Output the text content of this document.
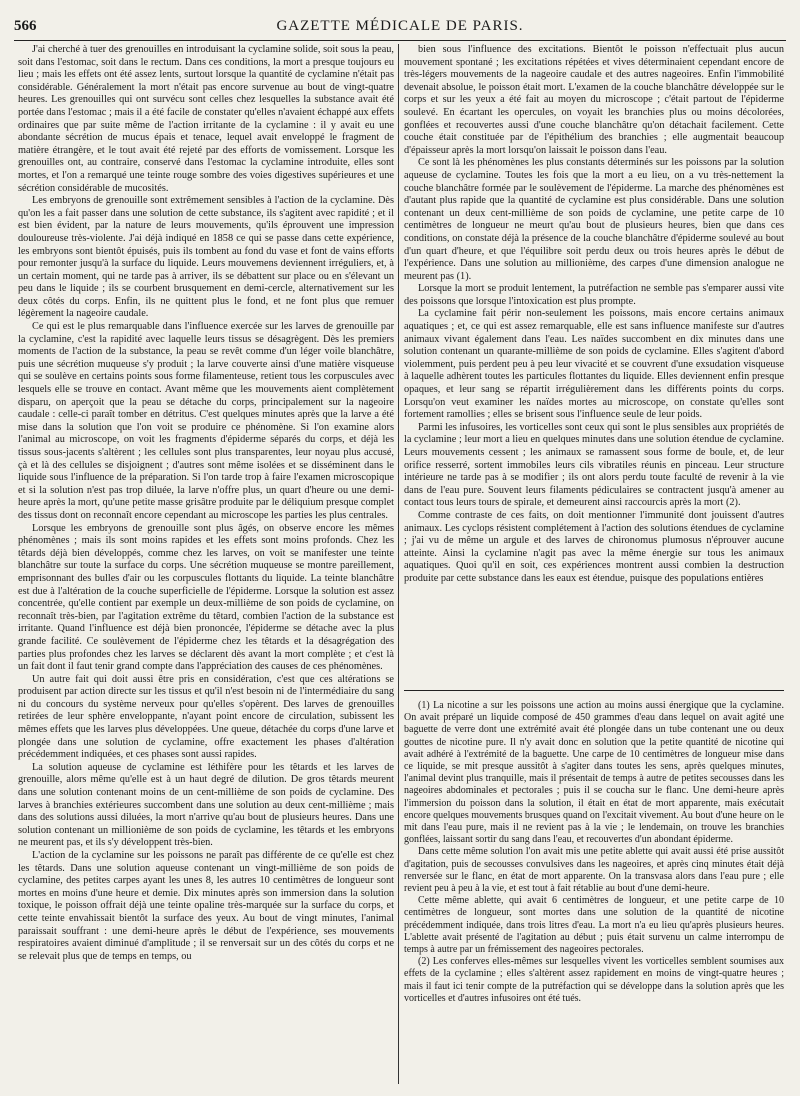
566	GAZETTE MÉDICALE DE PARIS.

J'ai cherché à tuer des grenouilles en introduisant la cyclamine solide, soit sous la peau, soit dans l'estomac, soit dans le rectum. Dans ces conditions, la mort a presque toujours eu lieu ; mais les effets ont été assez lents, surtout lorsque la quantité de cyclamine n'était pas considérable. Généralement la mort n'était pas encore survenue au bout de vingt-quatre heures. Les grenouilles qui ont survécu sont celles chez lesquelles la substance avait été portée dans l'estomac ; mais il a été facile de constater qu'elles n'avaient échappé aux effets ordinaires que par suite même de l'action irritante de la cyclamine : il y avait eu une abondante sécrétion de mucus épais et tenace, lequel avait enveloppé le fragment de matière étrangère, et le tout avait été rejeté par des efforts de vomissement. Lorsque les grenouilles ont, au contraire, conservé dans l'estomac la cyclamine introduite, elles sont mortes, et l'on a remarqué une teinte rouge sombre des voies digestives supérieures et une sécrétion considérable de mucosités.

Les embryons de grenouille sont extrêmement sensibles à l'action de la cyclamine. Dès qu'on les a fait passer dans une solution de cette substance, ils s'agitent avec rapidité ; et il est bien évident, par la nature de leurs mouvements, qu'ils éprouvent une impression douloureuse très-violente. J'ai déjà indiqué en 1858 ce qui se passe dans cette expérience, les embryons sont bientôt épuisés, puis ils tombent au fond du vase et font de vains efforts pour remonter jusqu'à la surface du liquide. Leurs mouvemens deviennent irréguliers, et, à un certain moment, qui ne tarde pas à arriver, ils se débattent sur place ou en s'élevant un peu dans le liquide ; ils se courbent brusquement en demi-cercle, alternativement sur les deux côtés du corps. Enfin, ils ne quittent plus le fond, et ne font plus que remuer légèrement la nageoire caudale.

Ce qui est le plus remarquable dans l'influence exercée sur les larves de grenouille par la cyclamine, c'est la rapidité avec laquelle leurs tissus se désagrègent. Dès les premiers moments de l'action de la substance, la peau se revêt comme d'un léger voile blanchâtre, puis une sécrétion muqueuse s'y produit ; la larve couverte ainsi d'une matière visqueuse qui se soulève en certains points sous forme filamenteuse, retient tous les corpuscules avec lesquels elle se trouve en contact. Avant même que les mouvements aient complètement disparu, on aperçoit que la peau se détache du corps, principalement sur la nageoire caudale : celle-ci paraît tomber en détritus. C'est quelques minutes après que la larve a été mise dans la solution que l'on voit se produire ce phénomène. Si l'on examine alors l'animal au microscope, on voit les fragments d'épiderme séparés du corps, et déjà les tissus sous-jacents s'altèrent ; les cellules sont plus transparentes, leur noyau plus accusé, çà et là des cellules se disjoignent ; d'autres sont même isolées et se disséminent dans le liquide sous l'influence de la préparation. Si l'on tarde trop à faire l'examen microscopique et si la solution n'est pas trop diluée, la larve n'offre plus, un quart d'heure ou une demi-heure après la mort, qu'une petite masse grisâtre produite par le déliquium presque complet des tissus dont on reconnaît encore cependant au microscope les parties les plus centrales.

Lorsque les embryons de grenouille sont plus âgés, on observe encore les mêmes phénomènes ; mais ils sont moins rapides et les effets sont moins profonds. Chez les têtards déjà bien développés, comme chez les larves, on voit se manifester une teinte blanchâtre sur toute la surface du corps. Une sécrétion muqueuse se montre pareillement, emprisonnant des bulles d'air ou les corpuscules flottants du liquide. La teinte blanchâtre est due à l'altération de la couche superficielle de l'épiderme. Lorsque la solution est assez concentrée, qu'elle contient par exemple un deux-millième de son poids de cyclamine, on reconnaît très-bien, par l'agitation extrême du têtard, combien l'action de la substance est irritante. Quand l'influence est déjà bien prononcée, l'épiderme se détache avec la plus grande facilité. Ce soulèvement de l'épiderme chez les têtards et la désagrégation des parties plus profondes chez les larves se déclarent dès avant la mort complète ; et c'est là un fait dont il faut tenir grand compte dans l'appréciation des causes de ces phénomènes.

Un autre fait qui doit aussi être pris en considération, c'est que ces altérations se produisent par action directe sur les tissus et qu'il n'est besoin ni de l'intermédiaire du sang ni du concours du système nerveux pour qu'elles s'opèrent. Des larves de grenouilles retirées de leur sphère enveloppante, n'ayant point encore de circulation, subissent les mêmes effets que les larves plus développées. Une queue, détachée du corps d'une larve et plongée dans une solution de cyclamine, offre exactement les phases d'altération précédemment indiquées, et ces phases sont aussi rapides.

La solution aqueuse de cyclamine est léthifère pour les têtards et les larves de grenouille, alors même qu'elle est à un haut degré de dilution. De gros têtards meurent dans une solution contenant moins de un cent-millième de son poids de cyclamine. Des larves à branchies extérieures succombent dans une solution au deux cent-millième ; mais dans des solutions aussi diluées, la mort n'arrive qu'au bout de plusieurs heures. Dans une solution contenant un millionième de son poids de cyclamine, les têtards et les embryons ne meurent pas, et ils s'y développent très-bien.

L'action de la cyclamine sur les poissons ne paraît pas différente de ce qu'elle est chez les têtards. Dans une solution aqueuse contenant un vingt-millième de son poids de cyclamine, des petites carpes ayant les unes 8, les autres 10 centimètres de longueur sont mortes en moins d'une heure et demie. Dix minutes après son immersion dans la solution toxique, le poisson offrait déjà une teinte opaline très-marquée sur la surface du corps, et cette teinte envahissait bientôt la surface des yeux. Au bout de vingt minutes, l'animal paraissait souffrant : une demi-heure après le début de l'expérience, ses mouvements respiratoires avaient diminué d'amplitude ; il se renversait sur un des côtés du corps et ne se relevait plus que de temps en temps, ou

bien sous l'influence des excitations. Bientôt le poisson n'effectuait plus aucun mouvement spontané ; les excitations répétées et vives déterminaient cependant encore de très-légers mouvements de la nageoire caudale et des autres nageoires. Enfin l'immobilité devenait absolue, le poisson était mort. L'examen de la couche blanchâtre développée sur le corps et sur les yeux a été fait au moyen du microscope ; c'était partout de l'épiderme soulevé. En écartant les opercules, on voyait les branchies plus ou moins décolorées, gonflées et recouvertes aussi d'une couche blanchâtre qu'on détachait facilement. Cette couche était constituée par de l'épithélium des branchies ; elle augmentait beaucoup d'épaisseur après la mort lorsqu'on laissait le poisson dans l'eau.

Ce sont là les phénomènes les plus constants déterminés sur les poissons par la solution aqueuse de cyclamine. Toutes les fois que la mort a eu lieu, on a vu très-nettement la couche blanchâtre formée par le soulèvement de l'épiderme. La marche des phénomènes est d'autant plus rapide que la quantité de cyclamine est plus considérable. Dans une solution contenant un deux cent-millième de son poids de cyclamine, une petite carpe de 10 centimètres de longueur ne meurt qu'au bout de plusieurs heures, bien que dans ces conditions, on constate déjà la présence de la couche blanchâtre d'épiderme soulevé au bout d'un quart d'heure, et que l'équilibre soit perdu deux ou trois heures après le début de l'expérience. Dans une solution au millionième, des carpes d'une dimension analogue ne meurent pas (1).

Lorsque la mort se produit lentement, la putréfaction ne semble pas s'emparer aussi vite des poissons que lorsque l'intoxication est plus prompte.

La cyclamine fait périr non-seulement les poissons, mais encore certains animaux aquatiques ; et, ce qui est assez remarquable, elle est sans influence manifeste sur d'autres animaux vivant également dans l'eau. Les naïdes succombent en dix minutes dans une solution contenant un quarante-millième de son poids de cyclamine. Elles s'agitent d'abord violemment, puis perdent peu à peu leur vivacité et se couvrent d'une exsudation visqueuse à laquelle adhèrent toutes les particules flottantes du liquide. Elles deviennent enfin presque opaques, et leur sang se répartit irrégulièrement dans les différents points du corps. Lorsqu'on veut examiner les naïdes mortes au microscope, on constate qu'elles sont fortement ramollies ; elles se brisent sous l'influence seule de leur poids.

Parmi les infusoires, les vorticelles sont ceux qui sont le plus sensibles aux propriétés de la cyclamine ; leur mort a lieu en quelques minutes dans une solution étendue de cyclamine. Leurs mouvements cessent ; les animaux se ramassent sous forme de boule, et, de leur orifice resserré, sortent immobiles leurs cils vibratiles réunis en pinceau. Leur structure intérieure ne tarde pas à se modifier ; ils ont alors perdu toute faculté de revenir à la vie dans de l'eau pure. Souvent leurs filaments pédiculaires se contractent jusqu'à amener au contact tous leurs tours de spirale, et demeurent ainsi raccourcis après la mort (2).

Comme contraste de ces faits, on doit mentionner l'immunité dont jouissent d'autres animaux. Les cyclops résistent complétement à l'action des solutions étendues de cyclamine ; j'ai vu de même un argule et des larves de chironomus plumosus n'éprouver aucune atteinte. Ainsi la cyclamine n'agit pas avec la même énergie sur tous les animaux aquatiques. Quoi qu'il en soit, ces expériences montrent aussi combien la destruction produite par cette substance dans les eaux est étendue, puisque des populations entières

(1) La nicotine a sur les poissons une action au moins aussi énergique que la cyclamine. On avait préparé un liquide composé de 450 grammes d'eau dans lequel on avait agité une baguette de verre dont une extrémité avait été plongée dans un tube contenant une ou deux gouttes de nicotine pure. Il n'y avait donc en solution que la petite quantité de nicotine qui avait adhéré à l'extrémité de la baguette. Une carpe de 10 centimètres de longueur mise dans ce liquide, se mit presque aussitôt à s'agiter dans toutes les sens, après quelques minutes, l'animal devint plus tranquille, mais il présentait de temps à autre de petites secousses dans les nageoires abdominales et pectorales ; puis il se coucha sur le flanc. Une demi-heure après l'immersion du poisson dans la solution, il était en état de mort apparente, mais exécutait encore quelques mouvements brusques quand on l'excitait vivement. Au bout d'une heure on le mit dans l'eau pure, mais il ne revient pas à la vie ; le lendemain, on trouve les branchies gonflées, laissant sortir du sang dans l'eau, et recouvertes d'un abondant épiderme.

Dans cette même solution l'on avait mis une petite ablette qui avait aussi été prise aussitôt d'agitation, puis de secousses convulsives dans les nageoires, et après cinq minutes était déjà renversée sur le flanc, en état de mort apparente. On la transvasa alors dans l'eau pure ; elle revient peu à peu à la vie, et est tout à fait rétablie au bout d'une demi-heure.

Cette même ablette, qui avait 6 centimètres de longueur, et une petite carpe de 10 centimètres de longueur, sont mortes dans une solution de la quantité de nicotine précédemment indiquée, dans trois litres d'eau. La mort n'a eu lieu qu'après plusieurs heures. L'ablette avait présenté de l'agitation au début ; puis était survenu un calme interrompu de temps à autre par un frémissement des nageoires pectorales.

(2) Les conferves elles-mêmes sur lesquelles vivent les vorticelles semblent soumises aux effets de la cyclamine ; elles s'altèrent assez rapidement en moins de vingt-quatre heures ; mais il faut ici tenir compte de la putréfaction qui se développe dans la solution après que les vorticelles et d'autres infusoires ont été tués.
